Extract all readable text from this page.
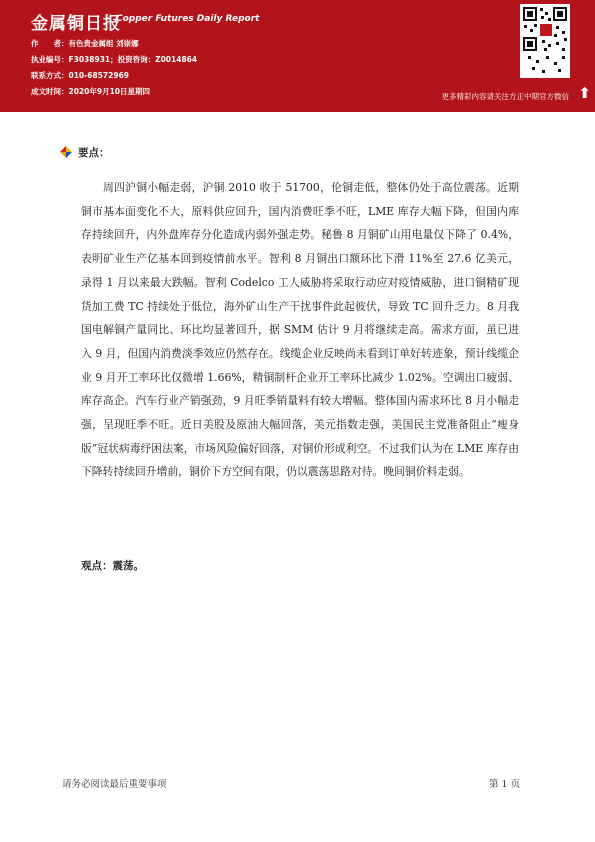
金属铜日报
Copper Futures Daily Report
作　　者：有色贵金属组 刘崇娜
执业编号：F3038931；投资咨询：Z0014864
联系方式：010-68572969
成文时间：2020年9月10日星期四
更多精彩内容请关注方正中期官方微信 ⬆
要点：

周四沪铜小幅走弱，沪铜 2010 收于 51700，伦铜走低，整体仍处于高位震荡。近期铜市基本面变化不大，原料供应回升，国内消费旺季不旺，LME 库存大幅下降，但国内库存持续回升，内外盘库存分化造成内弱外强走势。秘鲁 8 月铜矿山用电量仅下降了 0.4%，表明矿业生产亿基本回到疫情前水平。智利 8 月铜出口额环比下滑 11%至 27.6 亿美元，录得 1 月以来最大跌幅。智利 Codelco 工人威胁将采取行动应对疫情威胁，进口铜精矿现货加工费 TC 持续处于低位，海外矿山生产干扰事件此起彼伏，导致 TC 回升乏力。8 月我国电解铜产量同比、环比均显著回升，据 SMM 估计 9 月将继续走高。需求方面，虽已进入 9 月，但国内消费淡季效应仍然存在。线缆企业反映尚未看到订单好转迹象，预计线缆企业 9 月开工率环比仅微增 1.66%，精铜制杆企业开工率环比减少 1.02%。空调出口疲弱、库存高企。汽车行业产销强劲，9 月旺季销量料有较大增幅。整体国内需求环比 8 月小幅走强，呈现旺季不旺。近日美股及原油大幅回落，美元指数走强，美国民主党准备阻止“瘦身版”冠状病毒纾困法案，市场风险偏好回落，对铜价形成利空。不过我们认为在 LME 库存由下降转持续回升增前，铜价下方空间有限，仍以震荡思路对待。晚间铜价料走弱。

观点：震荡。
请务必阅读最后重要事项	第 1 页
